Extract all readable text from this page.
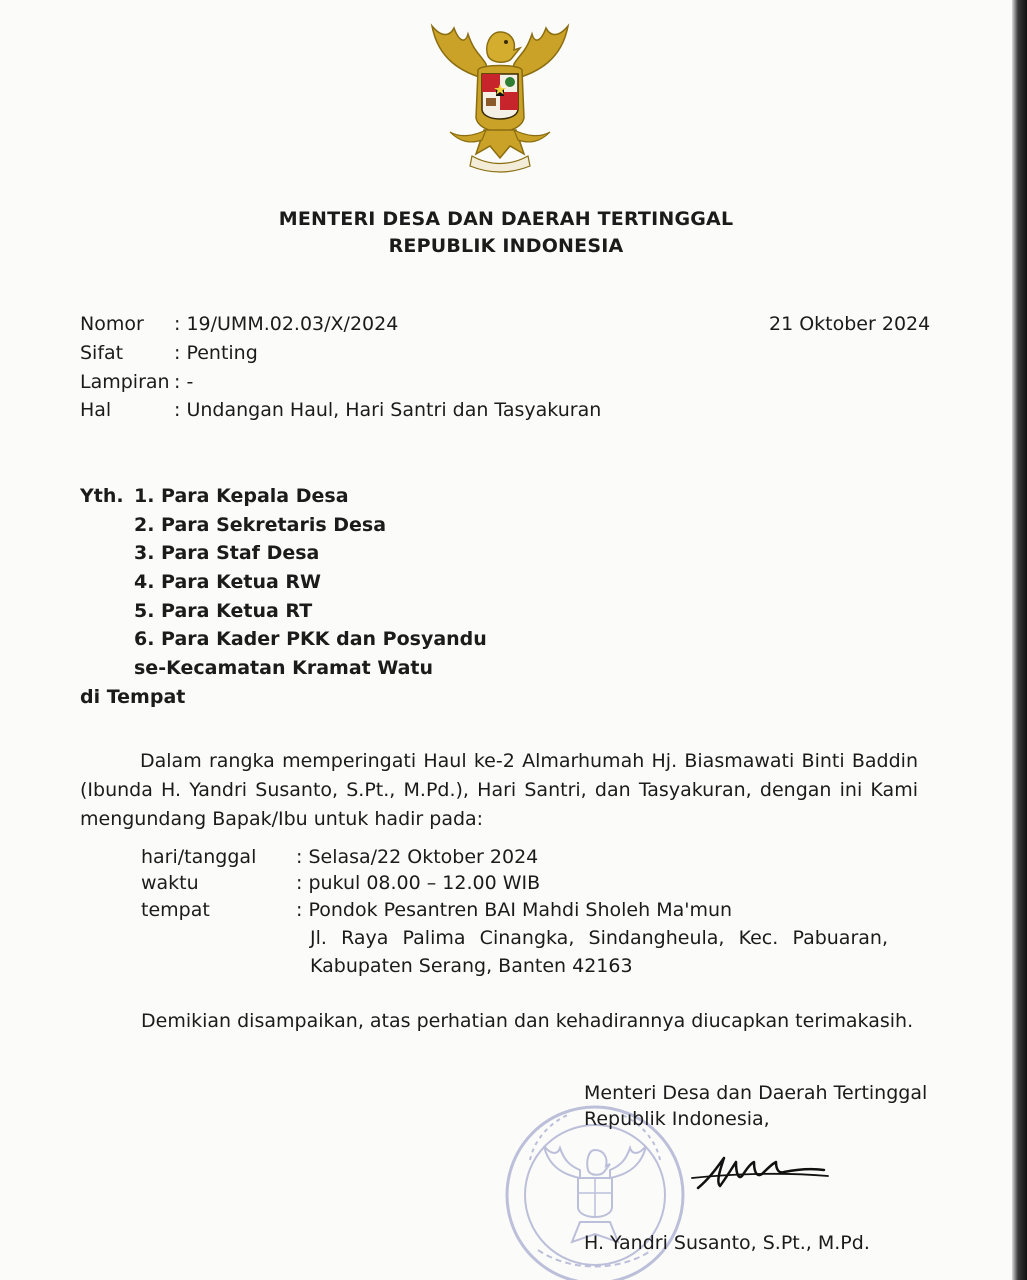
MENTERI DESA DAN DAERAH TERTINGGAL
REPUBLIK INDONESIA
Nomor : 19/UMM.02.03/X/2024	21 Oktober 2024
Sifat	: Penting
Lampiran : -
Hal	: Undangan Haul, Hari Santri dan Tasyakuran
Yth. 1. Para Kepala Desa
2. Para Sekretaris Desa
3. Para Staf Desa
4. Para Ketua RW
5. Para Ketua RT
6. Para Kader PKK dan Posyandu
se-Kecamatan Kramat Watu
di Tempat
Dalam rangka memperingati Haul ke-2 Almarhumah Hj. Biasmawati Binti Baddin (Ibunda H. Yandri Susanto, S.Pt., M.Pd.), Hari Santri, dan Tasyakuran, dengan ini Kami mengundang Bapak/Ibu untuk hadir pada:
hari/tanggal : Selasa/22 Oktober 2024
waktu	: pukul 08.00 – 12.00 WIB
tempat	: Pondok Pesantren BAI Mahdi Sholeh Ma'mun
Jl. Raya Palima Cinangka, Sindangheula, Kec. Pabuaran, Kabupaten Serang, Banten 42163
Demikian disampaikan, atas perhatian dan kehadirannya diucapkan terimakasih.
Menteri Desa dan Daerah Tertinggal
Republik Indonesia,
H. Yandri Susanto, S.Pt., M.Pd.
